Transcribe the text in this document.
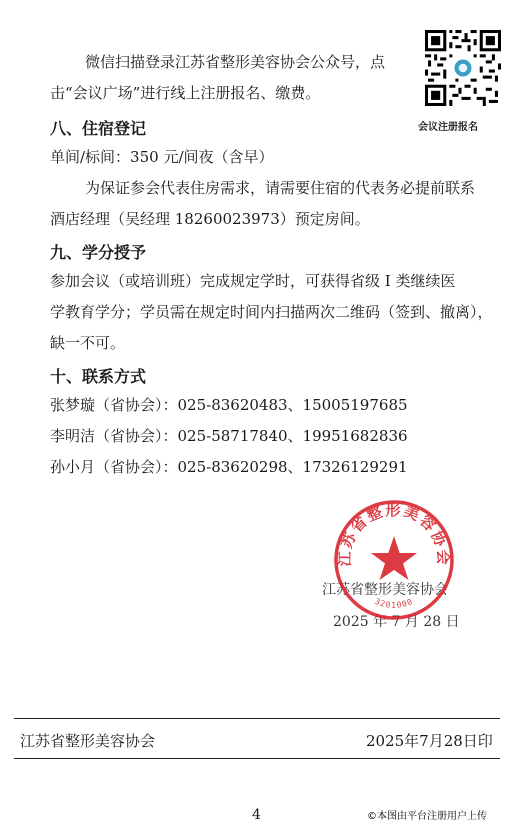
微信扫描登录江苏省整形美容协会公众号，点
击“会议广场”进行线上注册报名、缴费。
会议注册报名
八、住宿登记
单间/标间：350 元/间夜（含早）
为保证参会代表住房需求，请需要住宿的代表务必提前联系
酒店经理（吴经理 18260023973）预定房间。
九、学分授予
参加会议（或培训班）完成规定学时，可获得省级 I 类继续医
学教育学分；学员需在规定时间内扫描两次二维码（签到、撤离），
缺一不可。
十、联系方式
张梦璇（省协会）：025-83620483、15005197685
李明洁（省协会）：025-58717840、19951682836
孙小月（省协会）：025-83620298、17326129291
江苏省整形美容协会
2025 年 7 月 28 日
江苏省整形美容协会
3201000
江苏省整形美容协会	2025年7月28日印
4	©本图由平台注册用户上传
